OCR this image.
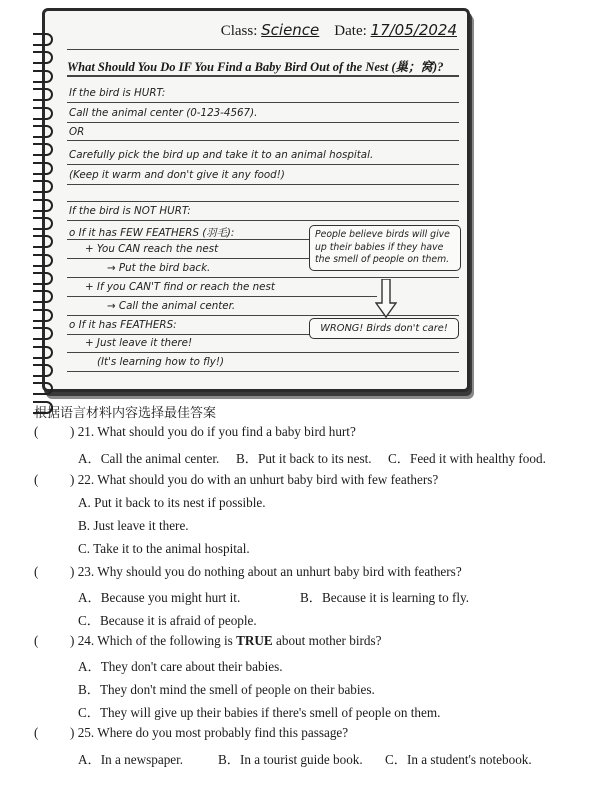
Class: Science Date: 17/05/2024
What Should You Do IF You Find a Baby Bird Out of the Nest (巢；窝)?
If the bird is HURT:
Call the animal center (0-123-4567).
OR
Carefully pick the bird up and take it to an animal hospital.
(Keep it warm and don't give it any food!)
If the bird is NOT HURT:
o If it has FEW FEATHERS (羽毛):
+ You CAN reach the nest
→ Put the bird back.
+ If you CAN'T find or reach the nest
→ Call the animal center.
o If it has FEATHERS:
+ Just leave it there!
(It's learning how to fly!)
People believe birds will give up their babies if they have the smell of people on them.
WRONG! Birds don't care!
根据语言材料内容选择最佳答案
( ) 21. What should you do if you find a baby bird hurt?
A．Call the animal center. B．Put it back to its nest. C．Feed it with healthy food.
( ) 22. What should you do with an unhurt baby bird with few feathers?
A. Put it back to its nest if possible.
B. Just leave it there.
C. Take it to the animal hospital.
( ) 23. Why should you do nothing about an unhurt baby bird with feathers?
A．Because you might hurt it.	B．Because it is learning to fly.
C．Because it is afraid of people.
( ) 24. Which of the following is TRUE about mother birds?
A．They don't care about their babies.
B．They don't mind the smell of people on their babies.
C．They will give up their babies if there's smell of people on them.
( ) 25. Where do you most probably find this passage?
A．In a newspaper.	B．In a tourist guide book. C．In a student's notebook.
